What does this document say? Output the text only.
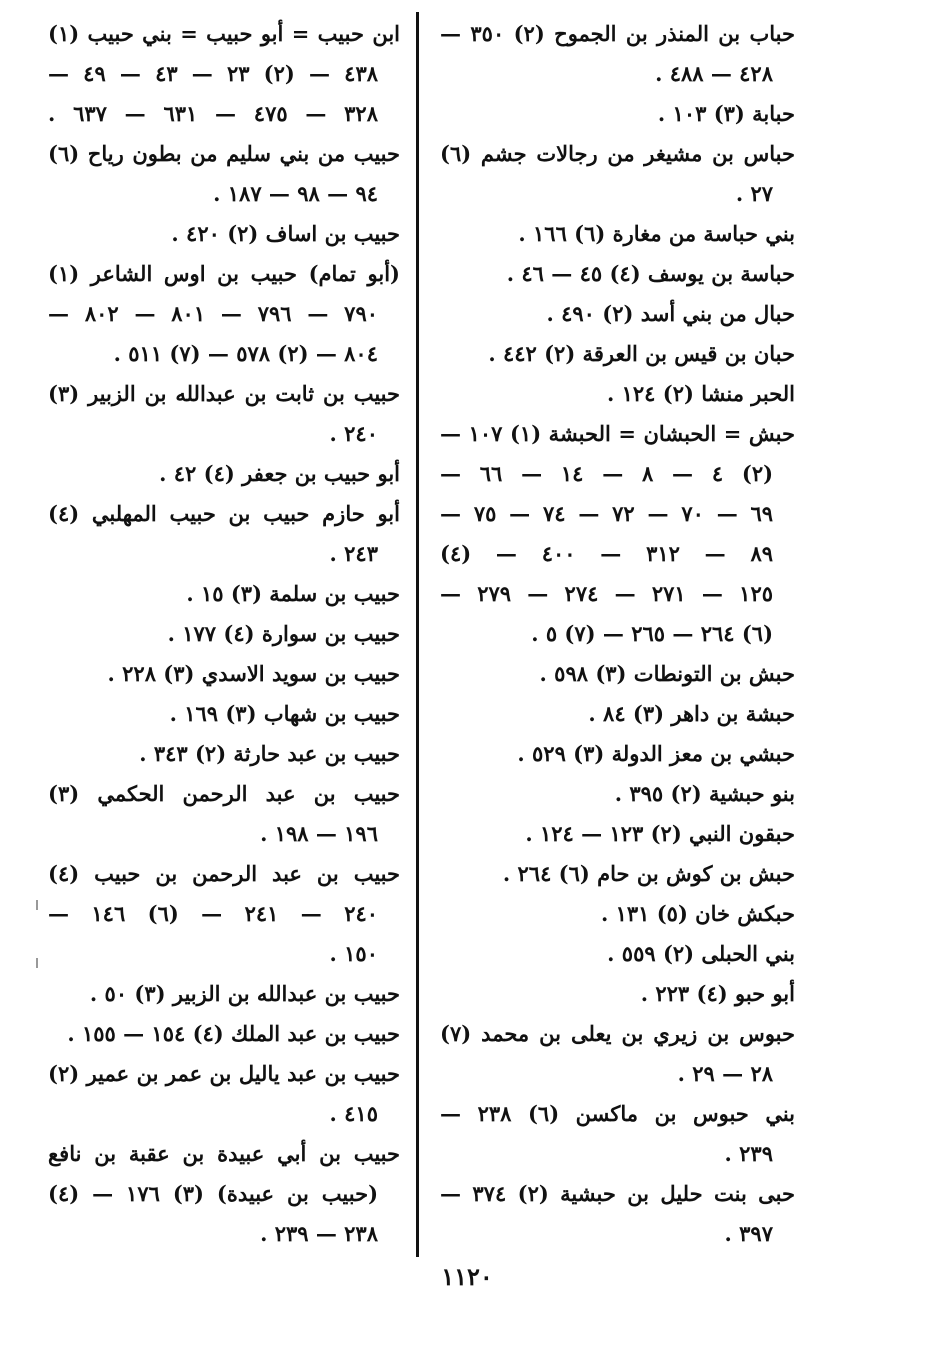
حباب بن المنذر بن الجموح (٢) ٣٥٠ —
٤٢٨ — ٤٨٨ .
حبابة (٣) ١٠٣ .
حباس بن مشيغر من رجالات جشم (٦)
٢٧ .
بني حباسة من مغارة (٦) ١٦٦ .
حباسة بن يوسف (٤) ٤٥ — ٤٦ .
حبال من بني أسد (٢) ٤٩٠ .
حبان بن قيس بن العرقة (٢) ٤٤٢ .
الحبر منشا (٢) ١٢٤ .
حبش = الحبشان = الحبشة (١) ١٠٧ —
(٢) ٤ — ٨ — ١٤ — ٦٦ —
٦٩ — ٧٠ — ٧٢ — ٧٤ — ٧٥ —
٨٩ — ٣١٢ — ٤٠٠ — (٤)
١٢٥ — ٢٧١ — ٢٧٤ — ٢٧٩ —
(٦) ٢٦٤ — ٢٦٥ — (٧) ٥ .
حبش بن التونطات (٣) ٥٩٨ .
حبشة بن داهر (٣) ٨٤ .
حبشي بن معز الدولة (٣) ٥٢٩ .
بنو حبشية (٢) ٣٩٥ .
حبقون النبي (٢) ١٢٣ — ١٢٤ .
حبش بن كوش بن حام (٦) ٢٦٤ .
حبكش خان (٥) ١٣١ .
بني الحبلى (٢) ٥٥٩ .
أبو حبو (٤) ٢٢٣ .
حبوس بن زيري بن يعلى بن محمد (٧)
٢٨ — ٢٩ .
بني حبوس بن ماكسن (٦) ٢٣٨ —
٢٣٩ .
حبى بنت حليل بن حبشية (٢) ٣٧٤ —
٣٩٧ .
ابن حبيب = أبو حبيب = بني حبيب (١)
٤٣٨ — (٢) ٢٣ — ٤٣ — ٤٩ —
٣٢٨ — ٤٧٥ — ٦٣١ — ٦٣٧ .
حبيب من بني سليم من بطون رياح (٦)
٩٤ — ٩٨ — ١٨٧ .
حبيب بن اساف (٢) ٤٢٠ .
(أبو تمام) حبيب بن اوس الشاعر (١)
٧٩٠ — ٧٩٦ — ٨٠١ — ٨٠٢ —
٨٠٤ — (٢) ٥٧٨ — (٧) ٥١١ .
حبيب بن ثابت بن عبدالله بن الزبير (٣)
٢٤٠ .
أبو حبيب بن جعفر (٤) ٤٢ .
أبو حازم حبيب بن حبيب المهلبي (٤)
٢٤٣ .
حبيب بن سلمة (٣) ١٥ .
حبيب بن سوارة (٤) ١٧٧ .
حبيب بن سويد الاسدي (٣) ٢٢٨ .
حبيب بن شهاب (٣) ١٦٩ .
حبيب بن عبد حارثة (٢) ٣٤٣ .
حبيب بن عبد الرحمن الحكمي (٣)
١٩٦ — ١٩٨ .
حبيب بن عبد الرحمن بن حبيب (٤)
٢٤٠ — ٢٤١ — (٦) ١٤٦ —
١٥٠ .
حبيب بن عبدالله بن الزبير (٣) ٥٠ .
حبيب بن عبد الملك (٤) ١٥٤ — ١٥٥ .
حبيب بن عبد ياليل بن عمر بن عمير (٢)
٤١٥ .
حبيب بن أبي عبيدة بن عقبة بن نافع
(حبيب بن عبيدة) (٣) ١٧٦ — (٤)
٢٣٨ — ٢٣٩ .
١١٢٠
